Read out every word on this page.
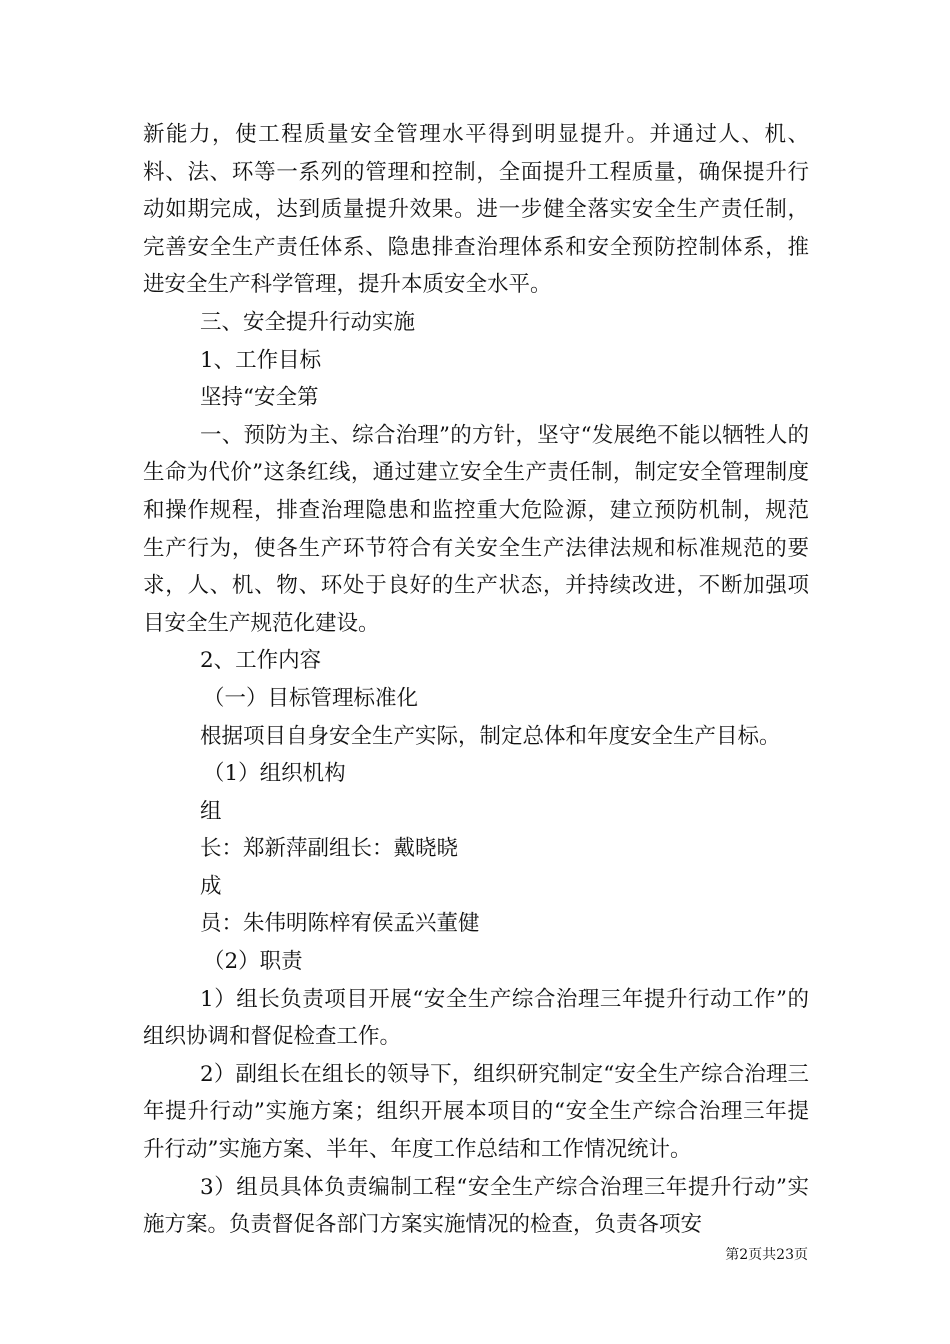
新能力，使工程质量安全管理水平得到明显提升。并通过人、机、料、法、环等一系列的管理和控制，全面提升工程质量，确保提升行动如期完成，达到质量提升效果。进一步健全落实安全生产责任制，完善安全生产责任体系、隐患排查治理体系和安全预防控制体系，推进安全生产科学管理，提升本质安全水平。

三、安全提升行动实施

1、工作目标

坚持“安全第

一、预防为主、综合治理”的方针，坚守“发展绝不能以牺牲人的生命为代价”这条红线，通过建立安全生产责任制，制定安全管理制度和操作规程，排查治理隐患和监控重大危险源，建立预防机制，规范生产行为，使各生产环节符合有关安全生产法律法规和标准规范的要求，人、机、物、环处于良好的生产状态，并持续改进，不断加强项目安全生产规范化建设。

2、工作内容

（一）目标管理标准化

根据项目自身安全生产实际，制定总体和年度安全生产目标。

（1）组织机构

组

长：郑新萍副组长：戴晓晓

成

员：朱伟明陈梓宥侯孟兴董健

（2）职责

1）组长负责项目开展“安全生产综合治理三年提升行动工作”的组织协调和督促检查工作。

2）副组长在组长的领导下，组织研究制定“安全生产综合治理三年提升行动”实施方案；组织开展本项目的“安全生产综合治理三年提升行动”实施方案、半年、年度工作总结和工作情况统计。

3）组员具体负责编制工程“安全生产综合治理三年提升行动”实施方案。负责督促各部门方案实施情况的检查，负责各项安

第2页共23页
